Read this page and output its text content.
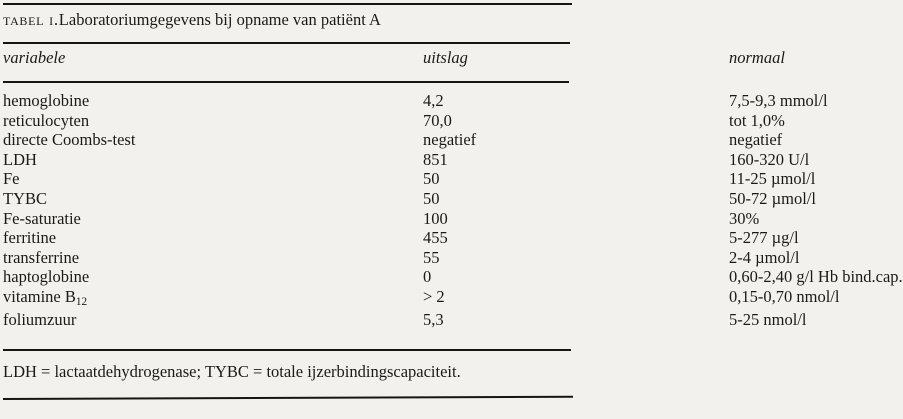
tabel i.Laboratoriumgegevens bij opname van patiënt A
variabele	uitslag	normaal
hemoglobine	4,2	7,5-9,3 mmol/l
reticulocyten	70,0	tot 1,0%
directe Coombs-test	negatief	negatief
LDH	851	160-320 U/l
Fe	50	11-25 µmol/l
TYBC	50	50-72 µmol/l
Fe-saturatie	100	30%
ferritine	455	5-277 µg/l
transferrine	55	2-4 µmol/l
haptoglobine	0	0,60-2,40 g/l Hb bind.cap.
vitamine $B_{12}$	> 2	0,15-0,70 nmol/l
foliumzuur	5,3	5-25 nmol/l
LDH = lactaatdehydrogenase; TYBC = totale ijzerbindingscapaciteit.
